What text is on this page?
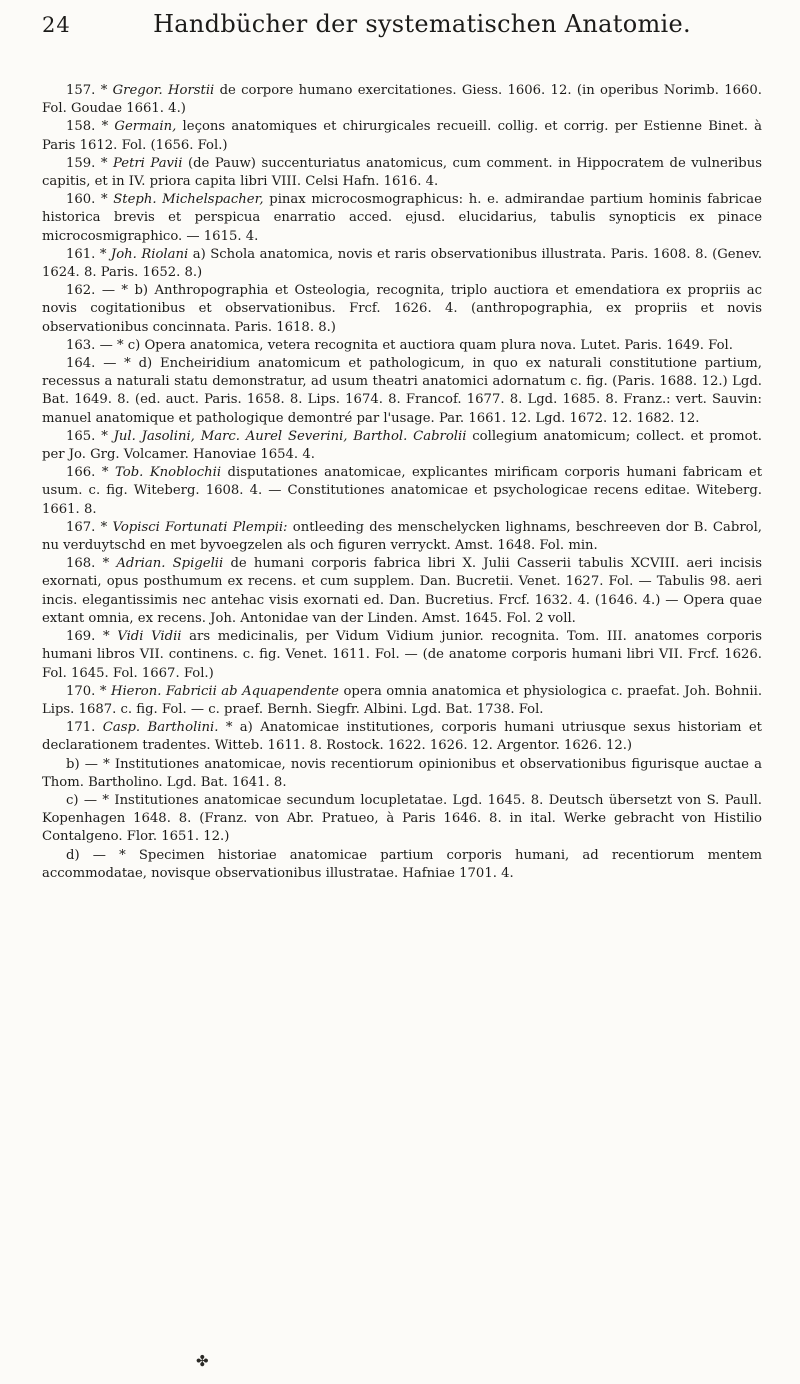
24	Handbücher der systematischen Anatomie.

157. * Gregor. Horstii de corpore humano exercitationes. Giess. 1606. 12. (in operibus Norimb. 1660. Fol. Goudae 1661. 4.)

158. * Germain, leçons anatomiques et chirurgicales recueill. collig. et corrig. per Estienne Binet. à Paris 1612. Fol. (1656. Fol.)

159. * Petri Pavii (de Pauw) succenturiatus anatomicus, cum comment. in Hippocratem de vulneribus capitis, et in IV. priora capita libri VIII. Celsi Hafn. 1616. 4.

160. * Steph. Michelspacher, pinax microcosmographicus: h. e. admirandae partium hominis fabricae historica brevis et perspicua enarratio acced. ejusd. elucidarius, tabulis synopticis ex pinace microcosmigraphico. — 1615. 4.

161. * Joh. Riolani a) Schola anatomica, novis et raris observationibus illustrata. Paris. 1608. 8. (Genev. 1624. 8. Paris. 1652. 8.)

162. — * b) Anthropographia et Osteologia, recognita, triplo auctiora et emendatiora ex propriis ac novis cogitationibus et observationibus. Frcf. 1626. 4. (anthropographia, ex propriis et novis observationibus concinnata. Paris. 1618. 8.)

163. — * c) Opera anatomica, vetera recognita et auctiora quam plura nova. Lutet. Paris. 1649. Fol.

164. — * d) Encheiridium anatomicum et pathologicum, in quo ex naturali constitutione partium, recessus a naturali statu demonstratur, ad usum theatri anatomici adornatum c. fig. (Paris. 1688. 12.) Lgd. Bat. 1649. 8. (ed. auct. Paris. 1658. 8. Lips. 1674. 8. Francof. 1677. 8. Lgd. 1685. 8. Franz.: vert. Sauvin: manuel anatomique et pathologique demontré par l'usage. Par. 1661. 12. Lgd. 1672. 12. 1682. 12.

165. * Jul. Jasolini, Marc. Aurel Severini, Barthol. Cabrolii collegium anatomicum; collect. et promot. per Jo. Grg. Volcamer. Hanoviae 1654. 4.

166. * Tob. Knoblochii disputationes anatomicae, explicantes mirificam corporis humani fabricam et usum. c. fig. Witeberg. 1608. 4. — Constitutiones anatomicae et psychologicae recens editae. Witeberg. 1661. 8.

167. * Vopisci Fortunati Plempii: ontleeding des menschelycken lighnams, beschreeven dor B. Cabrol, nu verduytschd en met byvoegzelen als och figuren verryckt. Amst. 1648. Fol. min.

168. * Adrian. Spigelii de humani corporis fabrica libri X. Julii Casserii tabulis XCVIII. aeri incisis exornati, opus posthumum ex recens. et cum supplem. Dan. Bucretii. Venet. 1627. Fol. — Tabulis 98. aeri incis. elegantissimis nec antehac visis exornati ed. Dan. Bucretius. Frcf. 1632. 4. (1646. 4.) — Opera quae extant omnia, ex recens. Joh. Antonidae van der Linden. Amst. 1645. Fol. 2 voll.

169. * Vidi Vidii ars medicinalis, per Vidum Vidium junior. recognita. Tom. III. anatomes corporis humani libros VII. continens. c. fig. Venet. 1611. Fol. — (de anatome corporis humani libri VII. Frcf. 1626. Fol. 1645. Fol. 1667. Fol.)

170. * Hieron. Fabricii ab Aquapendente opera omnia anatomica et physiologica c. praefat. Joh. Bohnii. Lips. 1687. c. fig. Fol. — c. praef. Bernh. Siegfr. Albini. Lgd. Bat. 1738. Fol.

171. Casp. Bartholini. * a) Anatomicae institutiones, corporis humani utriusque sexus historiam et declarationem tradentes. Witteb. 1611. 8. Rostock. 1622. 1626. 12. Argentor. 1626. 12.)

b) — * Institutiones anatomicae, novis recentiorum opinionibus et observationibus figurisque auctae a Thom. Bartholino. Lgd. Bat. 1641. 8.

c) — * Institutiones anatomicae secundum locupletatae. Lgd. 1645. 8. Deutsch übersetzt von S. Paull. Kopenhagen 1648. 8. (Franz. von Abr. Pratueo, à Paris 1646. 8. in ital. Werke gebracht von Histilio Contalgeno. Flor. 1651. 12.)

d) — * Specimen historiae anatomicae partium corporis humani, ad recentiorum mentem accommodatae, novisque observationibus illustratae. Hafniae 1701. 4.

✤
